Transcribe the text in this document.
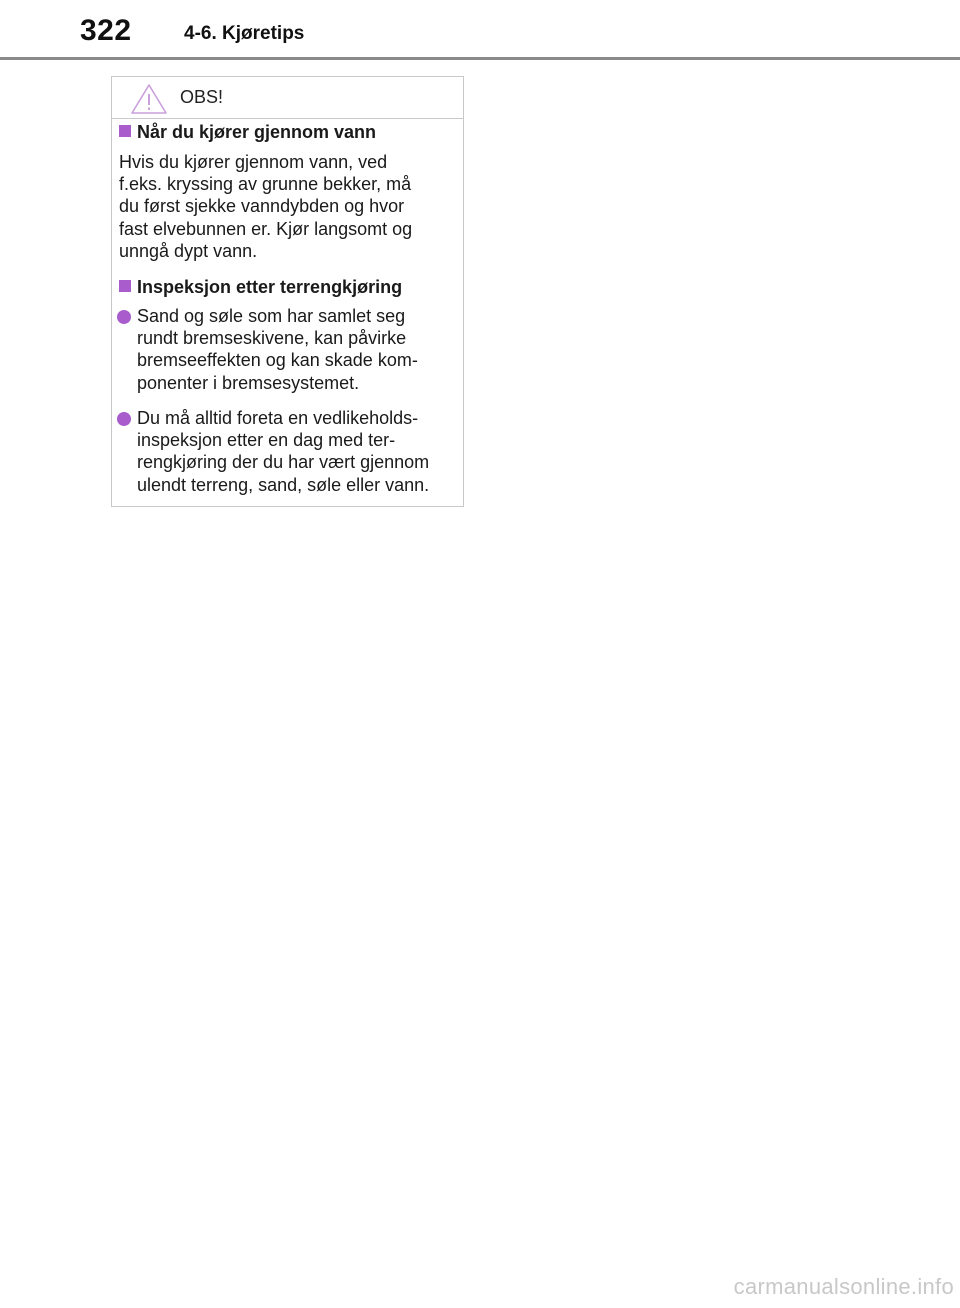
322	4-6. Kjøretips
OBS!
Når du kjører gjennom vann
Hvis du kjører gjennom vann, ved
f.eks. kryssing av grunne bekker, må
du først sjekke vanndybden og hvor
fast elvebunnen er. Kjør langsomt og
unngå dypt vann.
Inspeksjon etter terrengkjøring
Sand og søle som har samlet seg
rundt bremseskivene, kan påvirke
bremseeffekten og kan skade kom-
ponenter i bremsesystemet.
Du må alltid foreta en vedlikeholds-
inspeksjon etter en dag med ter-
rengkjøring der du har vært gjennom
ulendt terreng, sand, søle eller vann.
carmanualsonline.info
